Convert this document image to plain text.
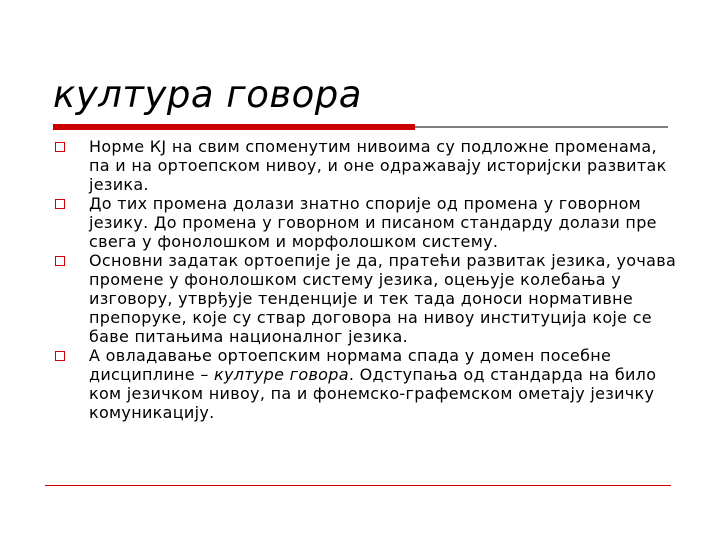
култура говора
Норме КЈ на свим споменутим нивоима су подложне променама, па и на ортоепском нивоу, и оне одражавају историјски развитак језика.
До тих промена долази знатно спорије од промена у говорном језику. До промена у говорном и писаном стандарду долази пре свега у фонолошком и морфолошком систему.
Основни задатак ортоепије је да, пратећи развитак језика, уочава промене у фонолошком систему језика, оцењује колебања у изговору, утврђује тенденције и тек тада доноси нормативне препоруке, које су ствар договора на нивоу институција које се баве питањима националног језика.
А овладавање ортоепским нормама спада у домен посебне дисциплине – културе говора. Одступања од стандарда на било ком језичком нивоу, па и фонемско-графемском ометају језичку комуникацију.
